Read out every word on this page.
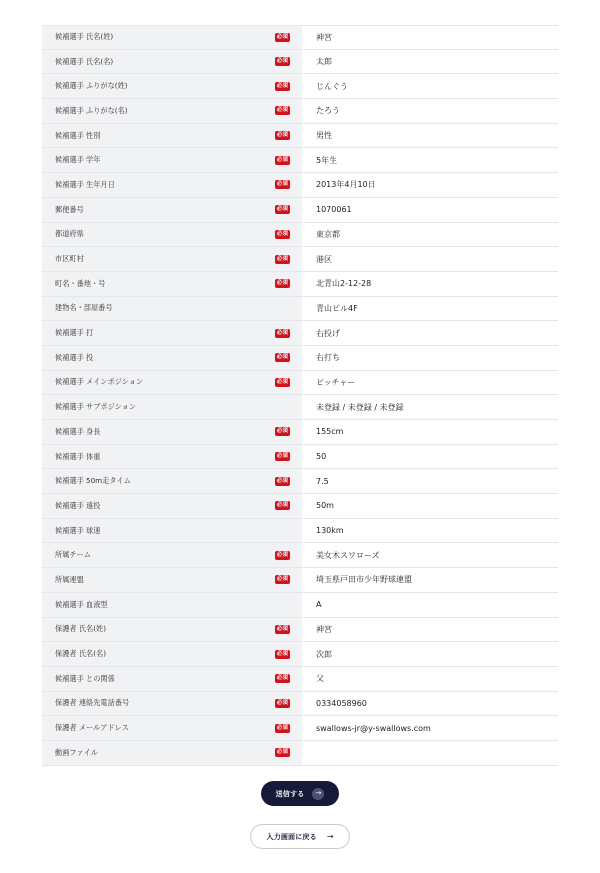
候補選手 氏名(姓)	必須	神宮
候補選手 氏名(名)	必須	太郎
候補選手 ふりがな(姓)	必須	じんぐう
候補選手 ふりがな(名)	必須	たろう
候補選手 性別	必須	男性
候補選手 学年	必須	5年生
候補選手 生年月日	必須	2013年4月10日
郵便番号	必須	1070061
都道府県	必須	東京都
市区町村	必須	港区
町名・番地・号	必須	北青山2-12-28
建物名・部屋番号	青山ビル4F
候補選手 打	必須	右投げ
候補選手 投	必須	右打ち
候補選手 メインポジション	必須	ピッチャー
候補選手 サブポジション	未登録 / 未登録 / 未登録
候補選手 身長	必須	155cm
候補選手 体重	必須	50
候補選手 50m走タイム	必須	7.5
候補選手 遠投	必須	50m
候補選手 球速	130km
所属チーム	必須	美女木スワローズ
所属連盟	必須	埼玉県戸田市少年野球連盟
候補選手 血液型	A
保護者 氏名(姓)	必須	神宮
保護者 氏名(名)	必須	次郎
候補選手 との関係	必須	父
保護者 連絡先電話番号	必須	0334058960
保護者 メールアドレス	必須	swallows-jr@y-swallows.com
動画ファイル	必須
送信する	→
入力画面に戻る →
